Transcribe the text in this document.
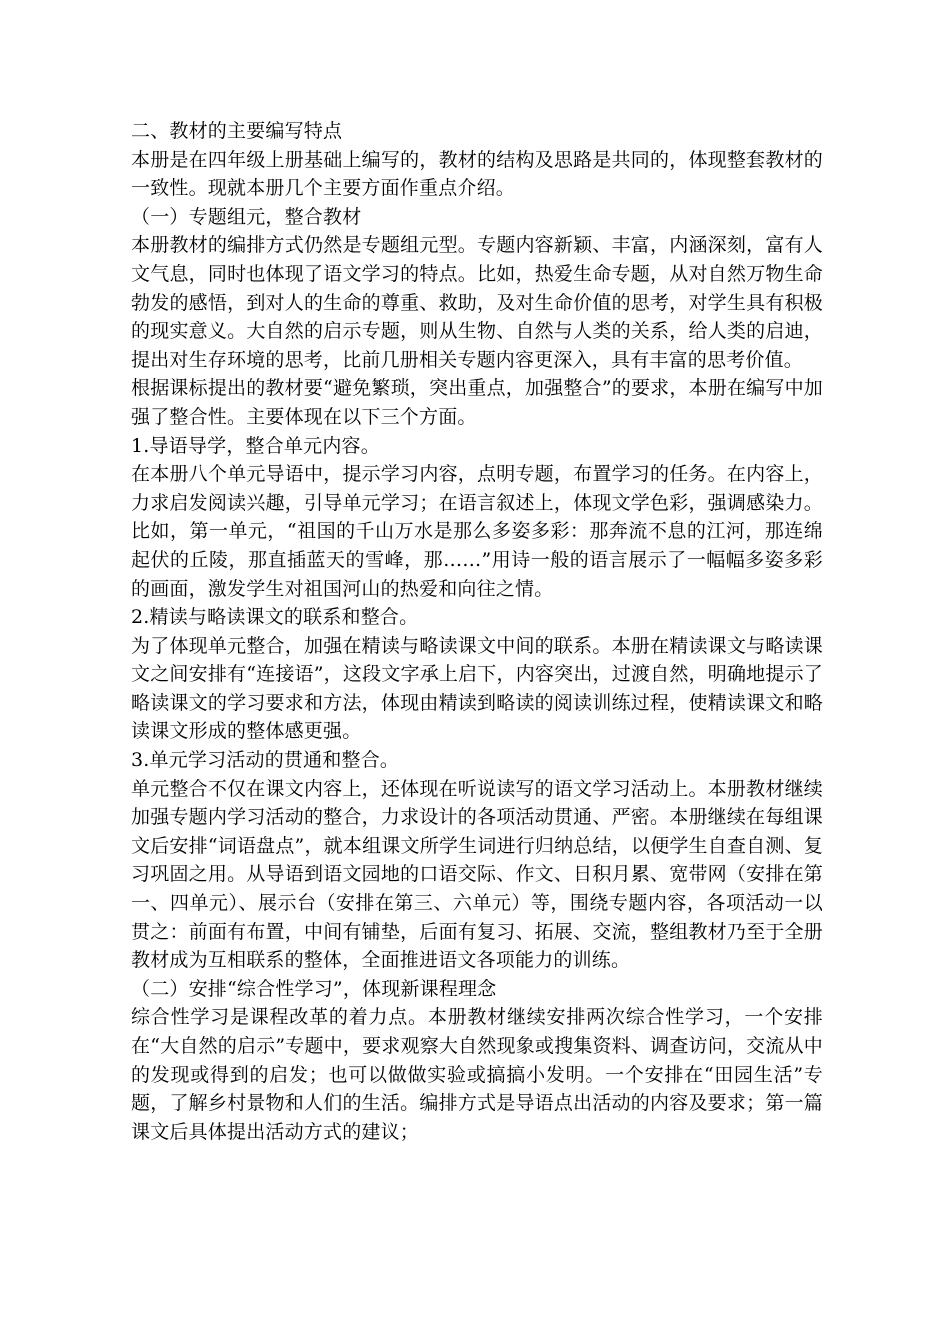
二、教材的主要编写特点

本册是在四年级上册基础上编写的，教材的结构及思路是共同的，体现整套教材的一致性。现就本册几个主要方面作重点介绍。

（一）专题组元，整合教材

本册教材的编排方式仍然是专题组元型。专题内容新颖、丰富，内涵深刻，富有人文气息，同时也体现了语文学习的特点。比如，热爱生命专题，从对自然万物生命勃发的感悟，到对人的生命的尊重、救助，及对生命价值的思考，对学生具有积极的现实意义。大自然的启示专题，则从生物、自然与人类的关系，给人类的启迪，提出对生存环境的思考，比前几册相关专题内容更深入，具有丰富的思考价值。

根据课标提出的教材要“避免繁琐，突出重点，加强整合”的要求，本册在编写中加强了整合性。主要体现在以下三个方面。

1.导语导学，整合单元内容。

在本册八个单元导语中，提示学习内容，点明专题，布置学习的任务。在内容上，力求启发阅读兴趣，引导单元学习；在语言叙述上，体现文学色彩，强调感染力。比如，第一单元，“祖国的千山万水是那么多姿多彩：那奔流不息的江河，那连绵起伏的丘陵，那直插蓝天的雪峰，那……”用诗一般的语言展示了一幅幅多姿多彩的画面，激发学生对祖国河山的热爱和向往之情。

2.精读与略读课文的联系和整合。

为了体现单元整合，加强在精读与略读课文中间的联系。本册在精读课文与略读课文之间安排有“连接语”，这段文字承上启下，内容突出，过渡自然，明确地提示了略读课文的学习要求和方法，体现由精读到略读的阅读训练过程，使精读课文和略读课文形成的整体感更强。

3.单元学习活动的贯通和整合。

单元整合不仅在课文内容上，还体现在听说读写的语文学习活动上。本册教材继续加强专题内学习活动的整合，力求设计的各项活动贯通、严密。本册继续在每组课文后安排“词语盘点”，就本组课文所学生词进行归纳总结，以便学生自查自测、复习巩固之用。从导语到语文园地的口语交际、作文、日积月累、宽带网（安排在第一、四单元）、展示台（安排在第三、六单元）等，围绕专题内容，各项活动一以贯之：前面有布置，中间有铺垫，后面有复习、拓展、交流，整组教材乃至于全册教材成为互相联系的整体，全面推进语文各项能力的训练。

（二）安排“综合性学习”，体现新课程理念

综合性学习是课程改革的着力点。本册教材继续安排两次综合性学习，一个安排在“大自然的启示”专题中，要求观察大自然现象或搜集资料、调查访问，交流从中的发现或得到的启发；也可以做做实验或搞搞小发明。一个安排在“田园生活”专题，了解乡村景物和人们的生活。编排方式是导语点出活动的内容及要求；第一篇课文后具体提出活动方式的建议；
